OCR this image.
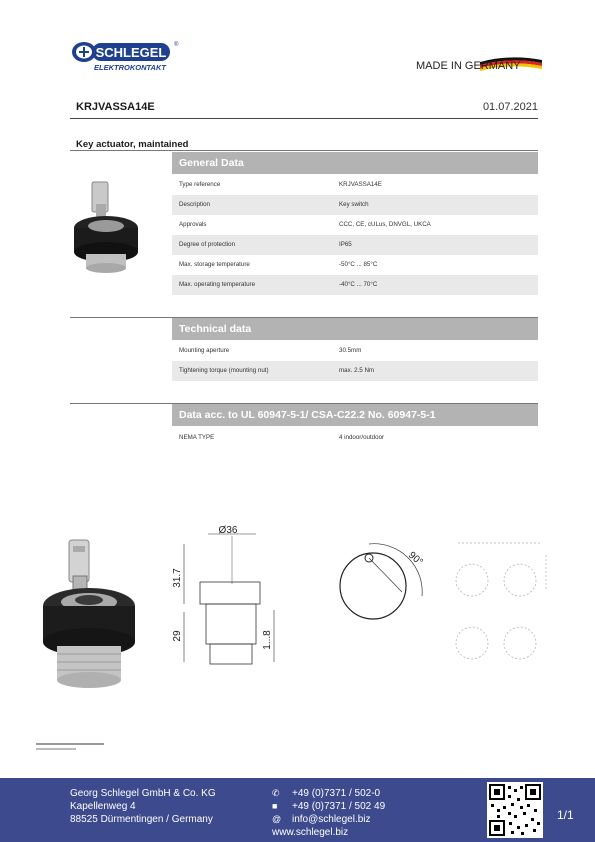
SCHLEGEL ®
ELEKTROKONTAKT	MADE IN GERMANY
KRJVASSA14E	01.07.2021
Key actuator, maintained
General Data
Type reference	KRJVASSA14E
Description	Key switch
Approvals	CCC, CE, cULus, DNVGL, UKCA
Degree of protection	IP65
Max. storage temperature	-50°C ... 85°C
Max. operating temperature	-40°C ... 70°C
Technical data
Mounting aperture	30.5mm
Tightening torque (mounting nut)	max. 2.5 Nm
Data acc. to UL 60947-5-1/ CSA-C22.2 No. 60947-5-1
NEMA TYPE	4 indoor/outdoor
Ø36
31.7
29	1...8
90°
Georg Schlegel GmbH & Co. KG
Kapellenweg 4
88525 Dürmentingen / Germany
✆ +49 (0)7371 / 502-0
■ +49 (0)7371 / 502 49
@ info@schlegel.biz
www.schlegel.biz
1/1
